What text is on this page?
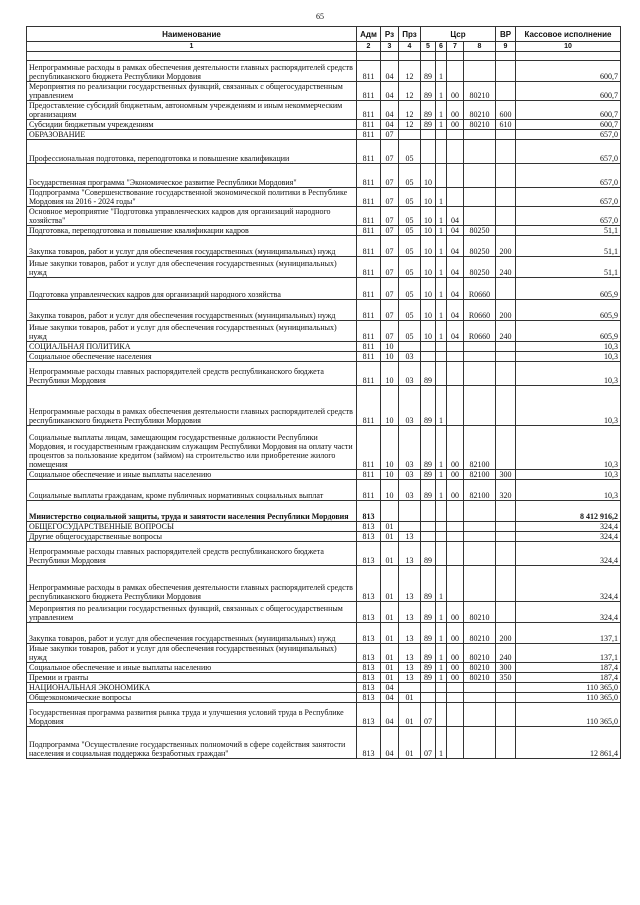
65
Наименование	Адм	Рз	Прз	Цср				ВР	Кассовое исполнение
1	2	3	4	5	6	7	8	9	10

Непрограммные расходы в рамках обеспечения деятельности главных распорядителей средств республиканского бюджета Республики Мордовия	811	04	12	89	1				600,7
Мероприятия по реализации государственных функций, связанных с общегосударственным управлением	811	04	12	89	1	00	80210		600,7
Предоставление субсидий бюджетным, автономным учреждениям и иным некоммерческим организациям	811	04	12	89	1	00	80210	600	600,7
Субсидии бюджетным учреждениям	811	04	12	89	1	00	80210	610	600,7
ОБРАЗОВАНИЕ	811	07							657,0
Профессиональная подготовка, переподготовка и повышение квалификации	811	07	05						657,0
Государственная программа "Экономическое развитие Республики Мордовия"	811	07	05	10					657,0
Подпрограмма "Совершенствование государственной экономической политики в Республике Мордовия на 2016 - 2024 годы"	811	07	05	10	1				657,0
Основное мероприятие "Подготовка управленческих кадров для организаций народного хозяйства"	811	07	05	10	1	04			657,0
Подготовка, переподготовка и повышение квалификации кадров	811	07	05	10	1	04	80250		51,1
Закупка товаров, работ и услуг для обеспечения государственных (муниципальных) нужд	811	07	05	10	1	04	80250	200	51,1
Иные закупки товаров, работ и услуг для обеспечения государственных (муниципальных) нужд	811	07	05	10	1	04	80250	240	51,1
Подготовка управленческих кадров для организаций народного хозяйства	811	07	05	10	1	04	R0660		605,9
Закупка товаров, работ и услуг для обеспечения государственных (муниципальных) нужд	811	07	05	10	1	04	R0660	200	605,9
Иные закупки товаров, работ и услуг для обеспечения государственных (муниципальных) нужд	811	07	05	10	1	04	R0660	240	605,9
СОЦИАЛЬНАЯ ПОЛИТИКА	811	10							10,3
Социальное обеспечение населения	811	10	03						10,3
Непрограммные расходы главных распорядителей средств республиканского бюджета Республики Мордовия	811	10	03	89					10,3
Непрограммные расходы в рамках обеспечения деятельности главных распорядителей средств республиканского бюджета Республики Мордовия	811	10	03	89	1				10,3
Социальные выплаты лицам, замещающим государственные должности Республики Мордовия, и государственным гражданским служащим Республики Мордовия на оплату части процентов за пользование кредитом (займом) на строительство или приобретение жилого помещения	811	10	03	89	1	00	82100		10,3
Социальное обеспечение и иные выплаты населению	811	10	03	89	1	00	82100	300	10,3
Социальные выплаты гражданам, кроме публичных нормативных социальных выплат	811	10	03	89	1	00	82100	320	10,3
Министерство социальной защиты, труда и занятости населения Республики Мордовия	813								8 412 916,2
ОБЩЕГОСУДАРСТВЕННЫЕ ВОПРОСЫ	813	01							324,4
Другие общегосударственные вопросы	813	01	13						324,4
Непрограммные расходы главных распорядителей средств республиканского бюджета Республики Мордовия	813	01	13	89					324,4
Непрограммные расходы в рамках обеспечения деятельности главных распорядителей средств республиканского бюджета Республики Мордовия	813	01	13	89	1				324,4
Мероприятия по реализации государственных функций, связанных с общегосударственным управлением	813	01	13	89	1	00	80210		324,4
Закупка товаров, работ и услуг для обеспечения государственных (муниципальных) нужд	813	01	13	89	1	00	80210	200	137,1
Иные закупки товаров, работ и услуг для обеспечения государственных (муниципальных) нужд	813	01	13	89	1	00	80210	240	137,1
Социальное обеспечение и иные выплаты населению	813	01	13	89	1	00	80210	300	187,4
Премии и гранты	813	01	13	89	1	00	80210	350	187,4
НАЦИОНАЛЬНАЯ ЭКОНОМИКА	813	04							110 365,0
Общеэкономические вопросы	813	04	01						110 365,0
Государственная программа развития рынка труда и улучшения условий труда в Республике Мордовия	813	04	01	07					110 365,0
Подпрограмма "Осуществление государственных полномочий в сфере содействия занятости населения и социальная поддержка безработных граждан"	813	04	01	07	1				12 861,4
